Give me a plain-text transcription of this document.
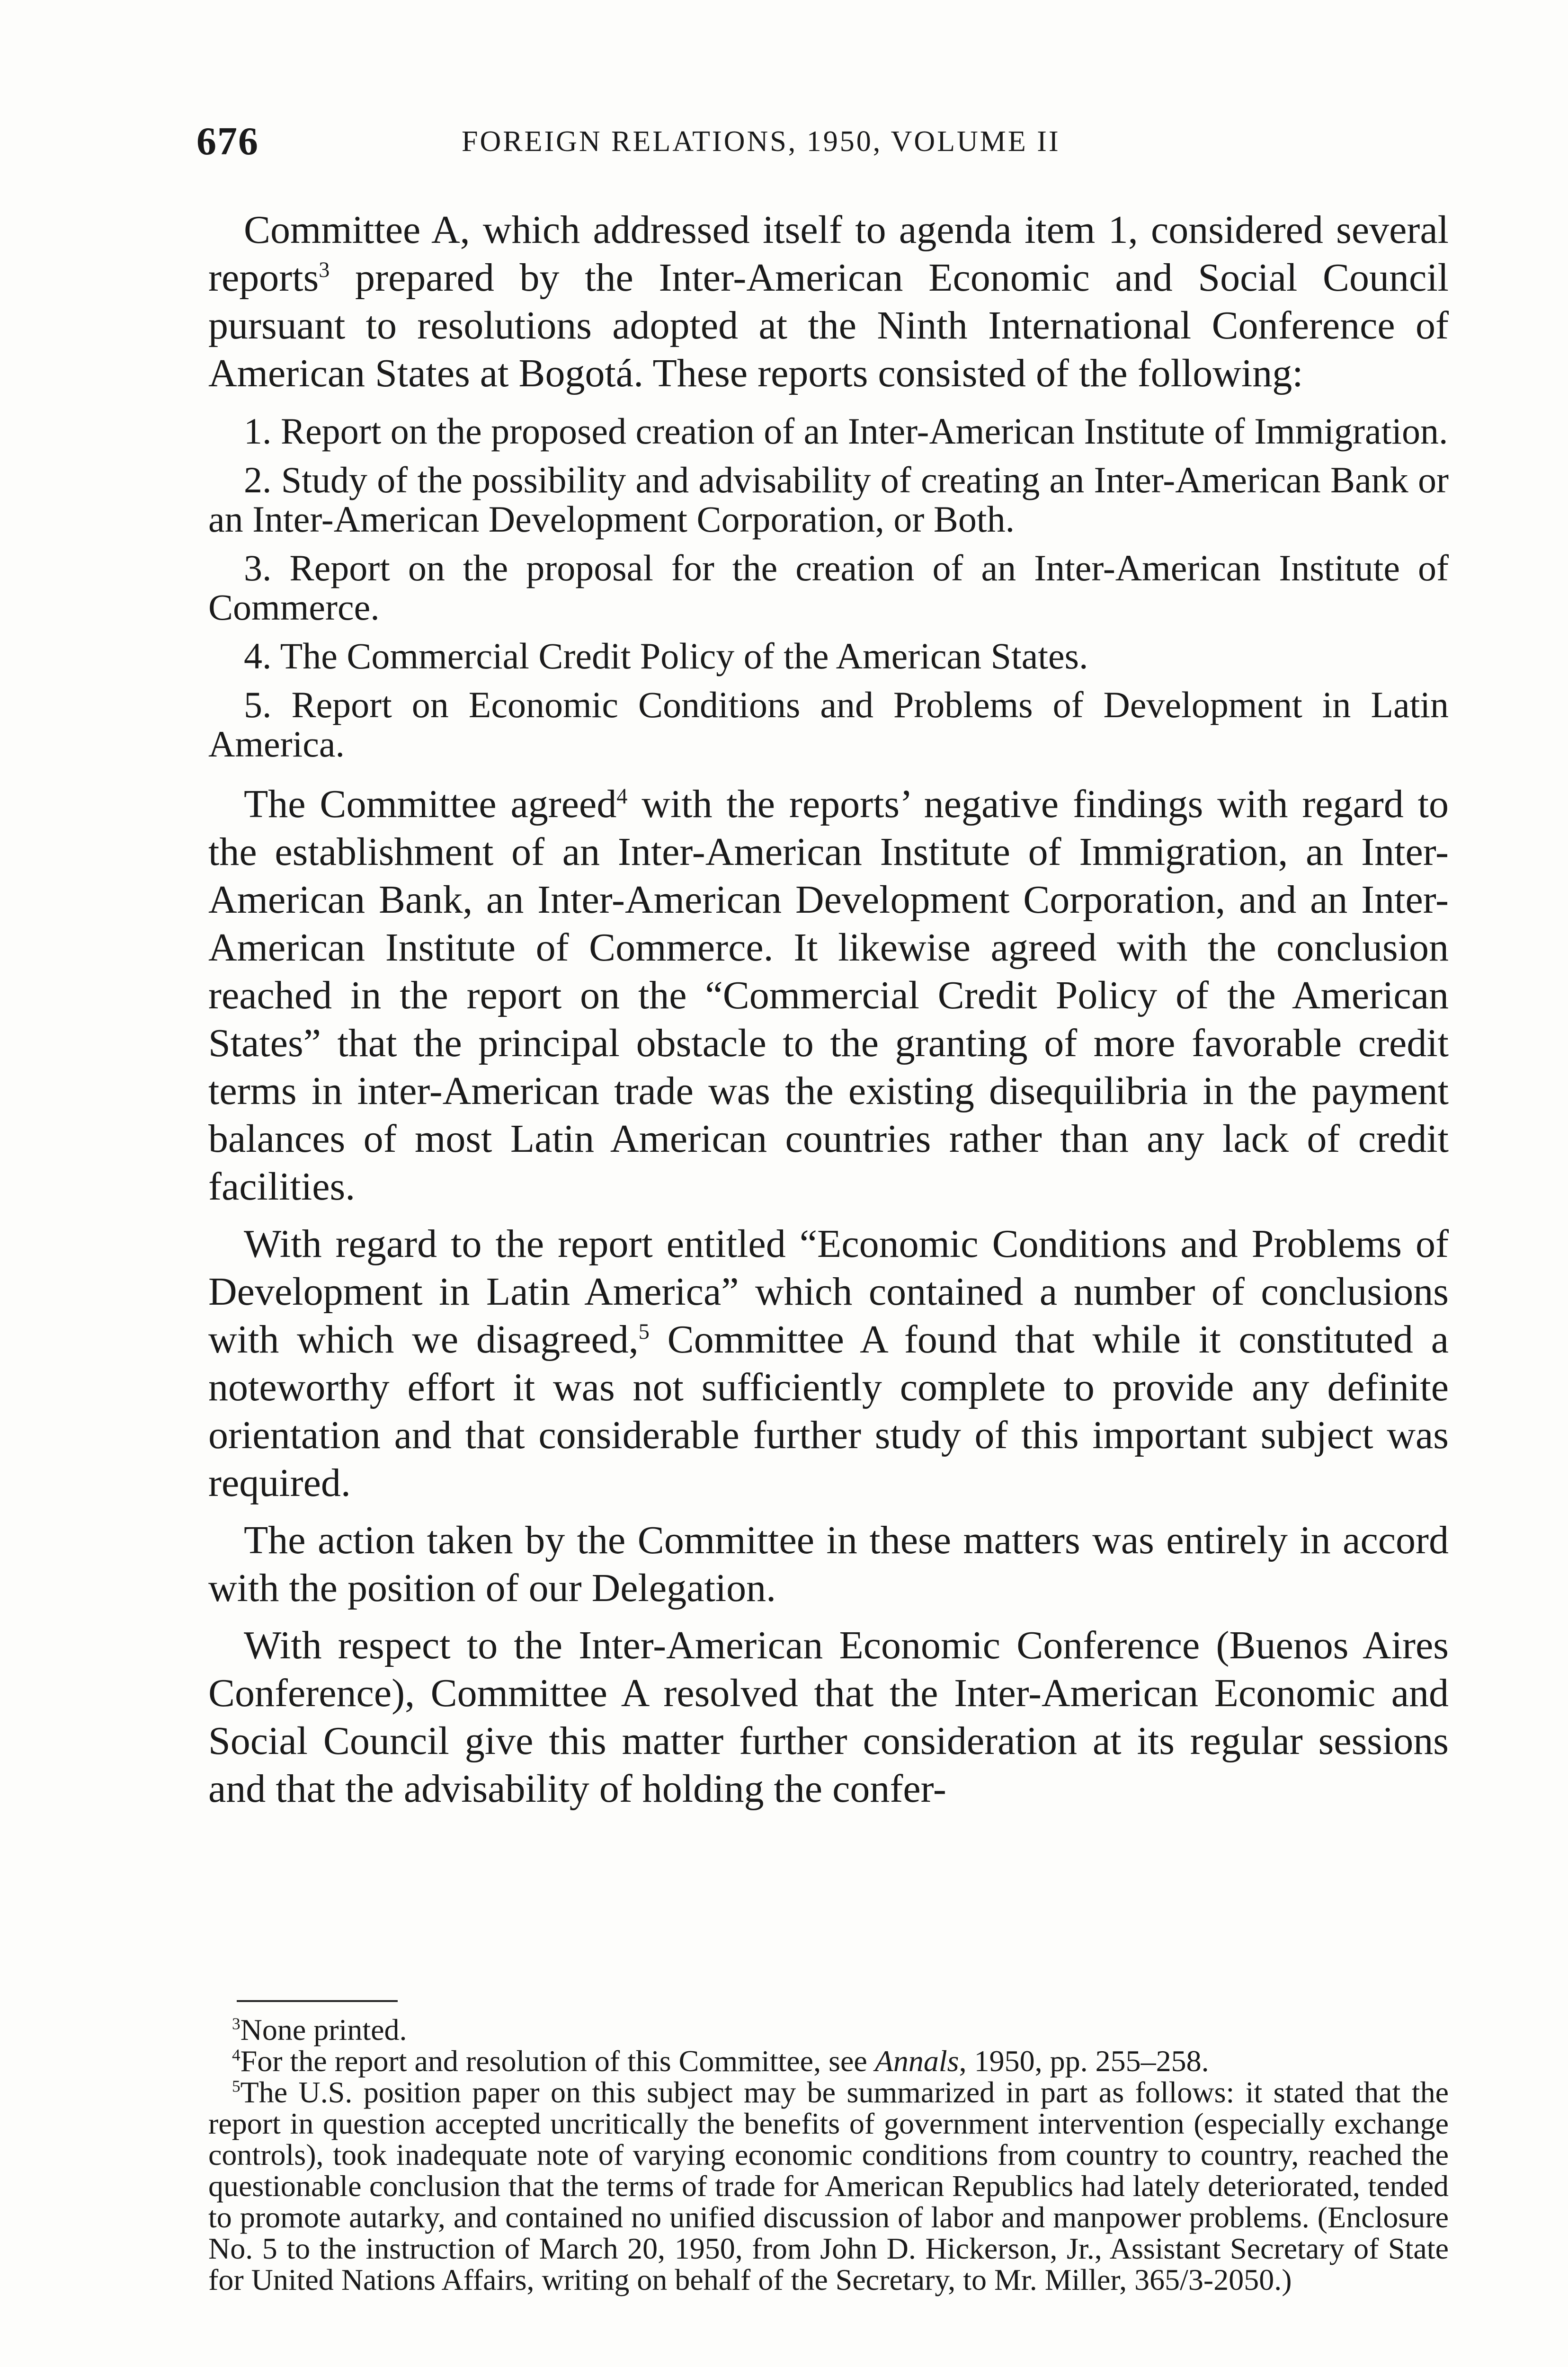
676	FOREIGN RELATIONS, 1950, VOLUME II

Committee A, which addressed itself to agenda item 1, considered several reports$^3$ prepared by the Inter-American Economic and Social Council pursuant to resolutions adopted at the Ninth International Conference of American States at Bogotá. These reports consisted of the following:

1. Report on the proposed creation of an Inter-American Institute of Immigration.

2. Study of the possibility and advisability of creating an Inter-American Bank or an Inter-American Development Corporation, or Both.

3. Report on the proposal for the creation of an Inter-American Institute of Commerce.

4. The Commercial Credit Policy of the American States.

5. Report on Economic Conditions and Problems of Development in Latin America.

The Committee agreed$^4$ with the reports’ negative findings with regard to the establishment of an Inter-American Institute of Immigration, an Inter-American Bank, an Inter-American Development Corporation, and an Inter-American Institute of Commerce. It likewise agreed with the conclusion reached in the report on the “Commercial Credit Policy of the American States” that the principal obstacle to the granting of more favorable credit terms in inter-American trade was the existing disequilibria in the payment balances of most Latin American countries rather than any lack of credit facilities.

With regard to the report entitled “Economic Conditions and Problems of Development in Latin America” which contained a number of conclusions with which we disagreed,$^5$ Committee A found that while it constituted a noteworthy effort it was not sufficiently complete to provide any definite orientation and that considerable further study of this important subject was required.

The action taken by the Committee in these matters was entirely in accord with the position of our Delegation.

With respect to the Inter-American Economic Conference (Buenos Aires Conference), Committee A resolved that the Inter-American Economic and Social Council give this matter further consideration at its regular sessions and that the advisability of holding the confer-

$^3$None printed.

$^4$For the report and resolution of this Committee, see Annals, 1950, pp. 255–258.

$^5$The U.S. position paper on this subject may be summarized in part as follows: it stated that the report in question accepted uncritically the benefits of government intervention (especially exchange controls), took inadequate note of varying economic conditions from country to country, reached the questionable conclusion that the terms of trade for American Republics had lately deteriorated, tended to promote autarky, and contained no unified discussion of labor and manpower problems. (Enclosure No. 5 to the instruction of March 20, 1950, from John D. Hickerson, Jr., Assistant Secretary of State for United Nations Affairs, writing on behalf of the Secretary, to Mr. Miller, 365/3-2050.)
